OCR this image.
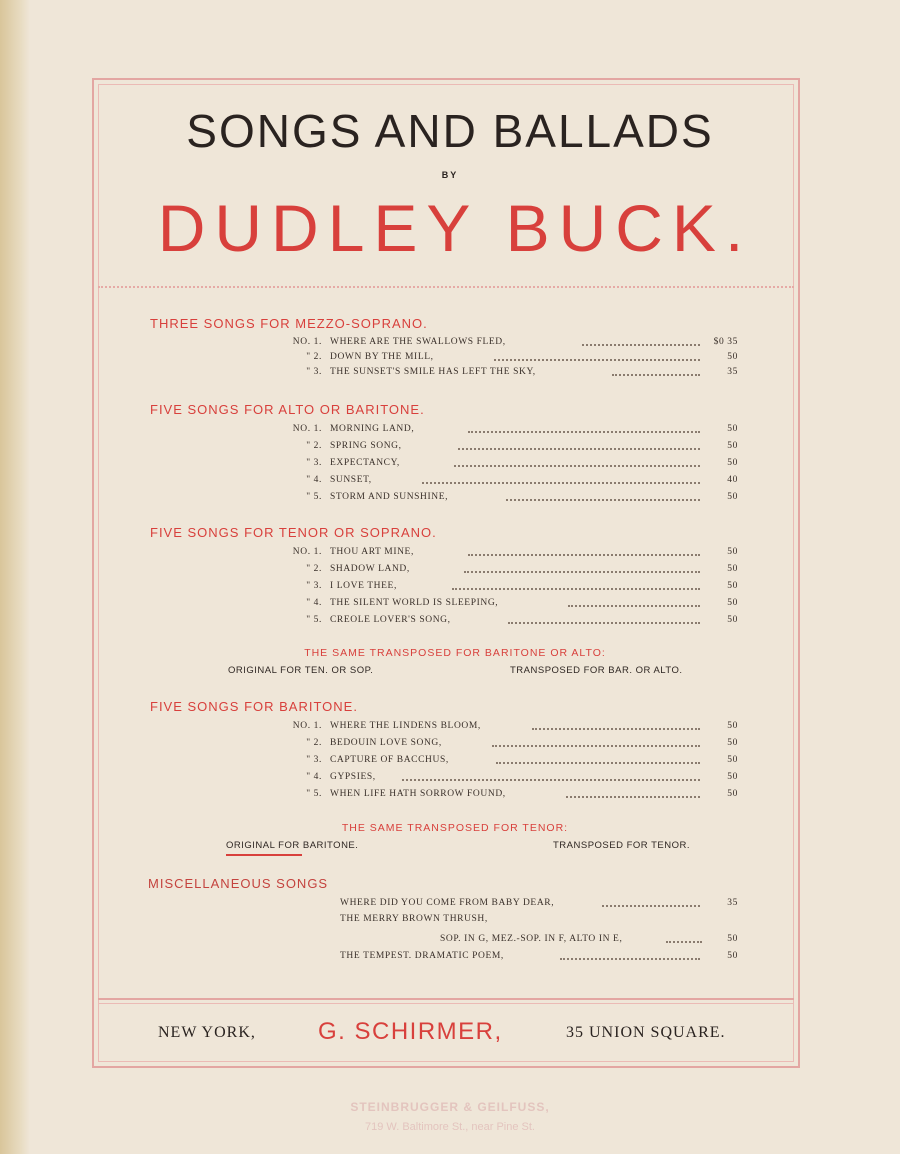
SONGS AND BALLADS
BY
DUDLEY BUCK.
THREE SONGS FOR MEZZO-SOPRANO.
NO. 1. WHERE ARE THE SWALLOWS FLED,	$0 35
" 2. DOWN BY THE MILL,	50
" 3. THE SUNSET'S SMILE HAS LEFT THE SKY,	35
FIVE SONGS FOR ALTO OR BARITONE.
NO. 1. MORNING LAND,	50
" 2. SPRING SONG,	50
" 3. EXPECTANCY,	50
" 4. SUNSET,	40
" 5. STORM AND SUNSHINE,	50
FIVE SONGS FOR TENOR OR SOPRANO.
NO. 1. THOU ART MINE,	50
" 2. SHADOW LAND,	50
" 3. I LOVE THEE,	50
" 4. THE SILENT WORLD IS SLEEPING,	50
" 5. CREOLE LOVER'S SONG,	50
THE SAME TRANSPOSED FOR BARITONE OR ALTO:
ORIGINAL FOR TEN. OR SOP.	TRANSPOSED FOR BAR. OR ALTO.
FIVE SONGS FOR BARITONE.
NO. 1. WHERE THE LINDENS BLOOM,	50
" 2. BEDOUIN LOVE SONG,	50
" 3. CAPTURE OF BACCHUS,	50
" 4. GYPSIES,	50
" 5. WHEN LIFE HATH SORROW FOUND,	50
THE SAME TRANSPOSED FOR TENOR:
ORIGINAL FOR BARITONE.	TRANSPOSED FOR TENOR.
MISCELLANEOUS SONGS
WHERE DID YOU COME FROM BABY DEAR,	35
THE MERRY BROWN THRUSH,
SOP. IN G, MEZ.-SOP. IN F, ALTO IN E,	50
THE TEMPEST. DRAMATIC POEM,	50
NEW YORK,	G. SCHIRMER,	35 UNION SQUARE.
STEINBRUGGER & GEILFUSS,
719 W. Baltimore St., near Pine St.
